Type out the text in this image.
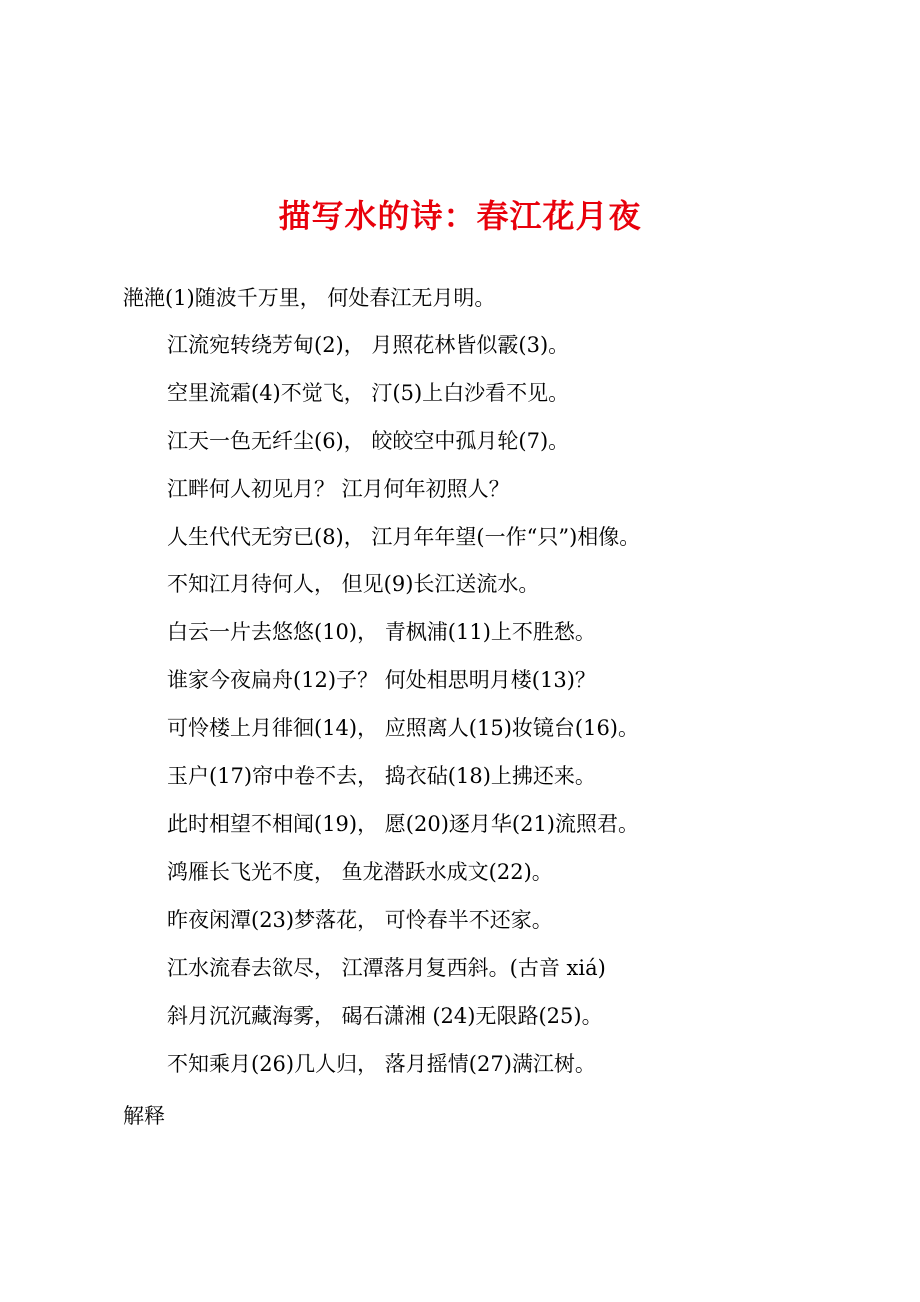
描写水的诗：春江花月夜
滟滟(1)随波千万里， 何处春江无月明。
江流宛转绕芳甸(2)， 月照花林皆似霰(3)。
空里流霜(4)不觉飞， 汀(5)上白沙看不见。
江天一色无纤尘(6)， 皎皎空中孤月轮(7)。
江畔何人初见月？ 江月何年初照人？
人生代代无穷已(8)， 江月年年望(一作“只”)相像。
不知江月待何人， 但见(9)长江送流水。
白云一片去悠悠(10)， 青枫浦(11)上不胜愁。
谁家今夜扁舟(12)子？ 何处相思明月楼(13)？
可怜楼上月徘徊(14)， 应照离人(15)妆镜台(16)。
玉户(17)帘中卷不去， 捣衣砧(18)上拂还来。
此时相望不相闻(19)， 愿(20)逐月华(21)流照君。
鸿雁长飞光不度， 鱼龙潜跃水成文(22)。
昨夜闲潭(23)梦落花， 可怜春半不还家。
江水流春去欲尽， 江潭落月复西斜。(古音 xiá)
斜月沉沉藏海雾， 碣石潇湘 (24)无限路(25)。
不知乘月(26)几人归， 落月摇情(27)满江树。
解释
